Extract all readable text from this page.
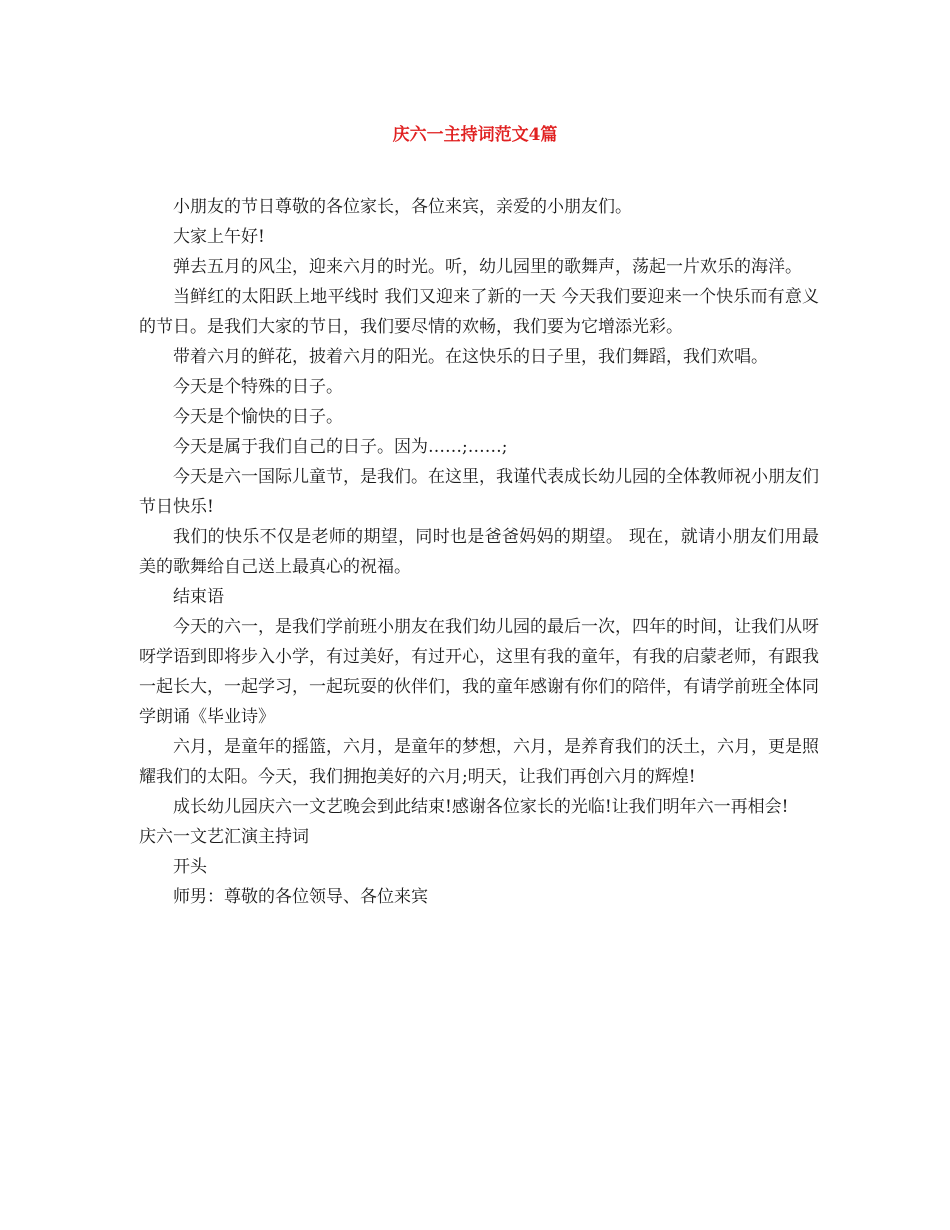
庆六一主持词范文4篇

小朋友的节日尊敬的各位家长，各位来宾，亲爱的小朋友们。

大家上午好!

弹去五月的风尘，迎来六月的时光。听，幼儿园里的歌舞声，荡起一片欢乐的海洋。

当鲜红的太阳跃上地平线时 我们又迎来了新的一天 今天我们要迎来一个快乐而有意义的节日。是我们大家的节日，我们要尽情的欢畅，我们要为它增添光彩。

带着六月的鲜花，披着六月的阳光。在这快乐的日子里，我们舞蹈，我们欢唱。

今天是个特殊的日子。

今天是个愉快的日子。

今天是属于我们自己的日子。因为……;……;

今天是六一国际儿童节，是我们。在这里，我谨代表成长幼儿园的全体教师祝小朋友们节日快乐!

我们的快乐不仅是老师的期望，同时也是爸爸妈妈的期望。 现在，就请小朋友们用最美的歌舞给自己送上最真心的祝福。

结束语

今天的六一，是我们学前班小朋友在我们幼儿园的最后一次，四年的时间，让我们从呀呀学语到即将步入小学，有过美好，有过开心，这里有我的童年，有我的启蒙老师，有跟我一起长大，一起学习，一起玩耍的伙伴们，我的童年感谢有你们的陪伴，有请学前班全体同学朗诵《毕业诗》

六月，是童年的摇篮，六月，是童年的梦想，六月，是养育我们的沃土，六月，更是照耀我们的太阳。今天，我们拥抱美好的六月;明天，让我们再创六月的辉煌!

成长幼儿园庆六一文艺晚会到此结束!感谢各位家长的光临!让我们明年六一再相会!

庆六一文艺汇演主持词

开头

师男：尊敬的各位领导、各位来宾
